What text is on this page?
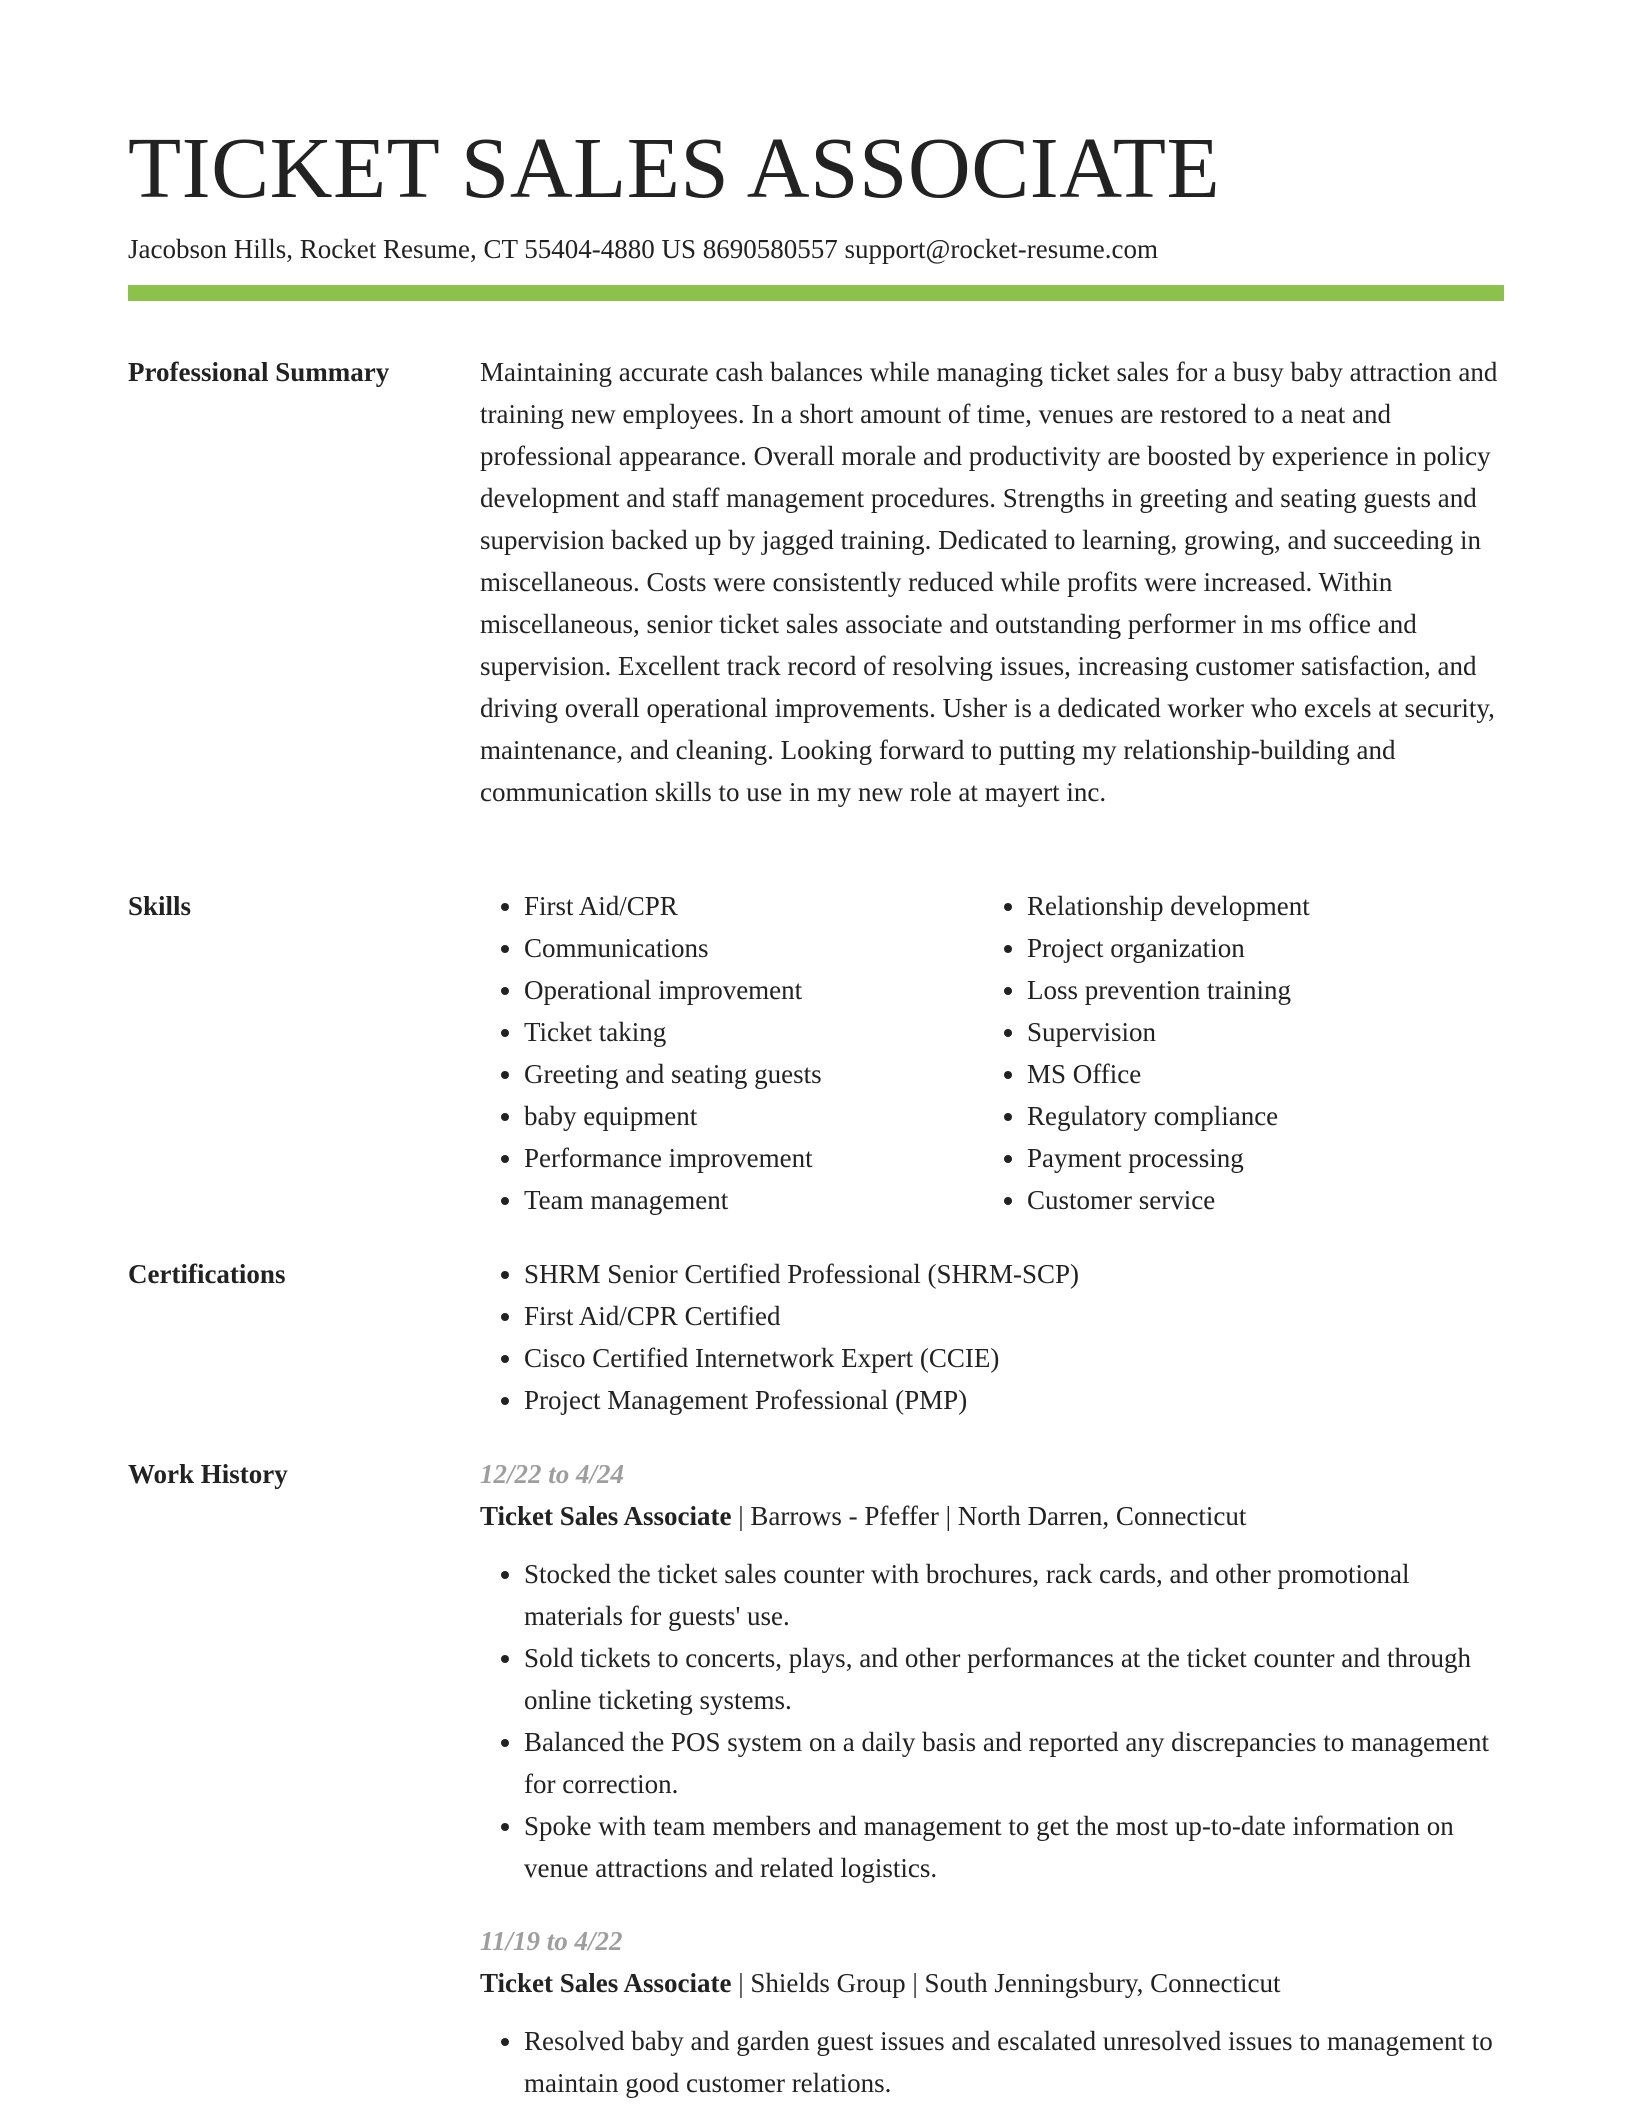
TICKET SALES ASSOCIATE
Jacobson Hills, Rocket Resume, CT 55404-4880 US 8690580557 support@rocket-resume.com
Professional Summary	Maintaining accurate cash balances while managing ticket sales for a busy baby attraction and training new employees. In a short amount of time, venues are restored to a neat and professional appearance. Overall morale and productivity are boosted by experience in policy development and staff management procedures. Strengths in greeting and seating guests and supervision backed up by jagged training. Dedicated to learning, growing, and succeeding in miscellaneous. Costs were consistently reduced while profits were increased. Within miscellaneous, senior ticket sales associate and outstanding performer in ms office and supervision. Excellent track record of resolving issues, increasing customer satisfaction, and driving overall operational improvements. Usher is a dedicated worker who excels at security, maintenance, and cleaning. Looking forward to putting my relationship-building and communication skills to use in my new role at mayert inc.

Skills	• First Aid/CPR
• Communications
• Operational improvement
• Ticket taking
• Greeting and seating guests
• baby equipment
• Performance improvement
• Team management
• Relationship development
• Project organization
• Loss prevention training
• Supervision
• MS Office
• Regulatory compliance
• Payment processing
• Customer service
Certifications	• SHRM Senior Certified Professional (SHRM-SCP)
• First Aid/CPR Certified
• Cisco Certified Internetwork Expert (CCIE)
• Project Management Professional (PMP)
Work History	12/22 to 4/24
Ticket Sales Associate | Barrows - Pfeffer | North Darren, Connecticut
• Stocked the ticket sales counter with brochures, rack cards, and other promotional materials for guests' use.
• Sold tickets to concerts, plays, and other performances at the ticket counter and through online ticketing systems.
• Balanced the POS system on a daily basis and reported any discrepancies to management for correction.
• Spoke with team members and management to get the most up-to-date information on venue attractions and related logistics.
11/19 to 4/22
Ticket Sales Associate | Shields Group | South Jenningsbury, Connecticut
• Resolved baby and garden guest issues and escalated unresolved issues to management to maintain good customer relations.
